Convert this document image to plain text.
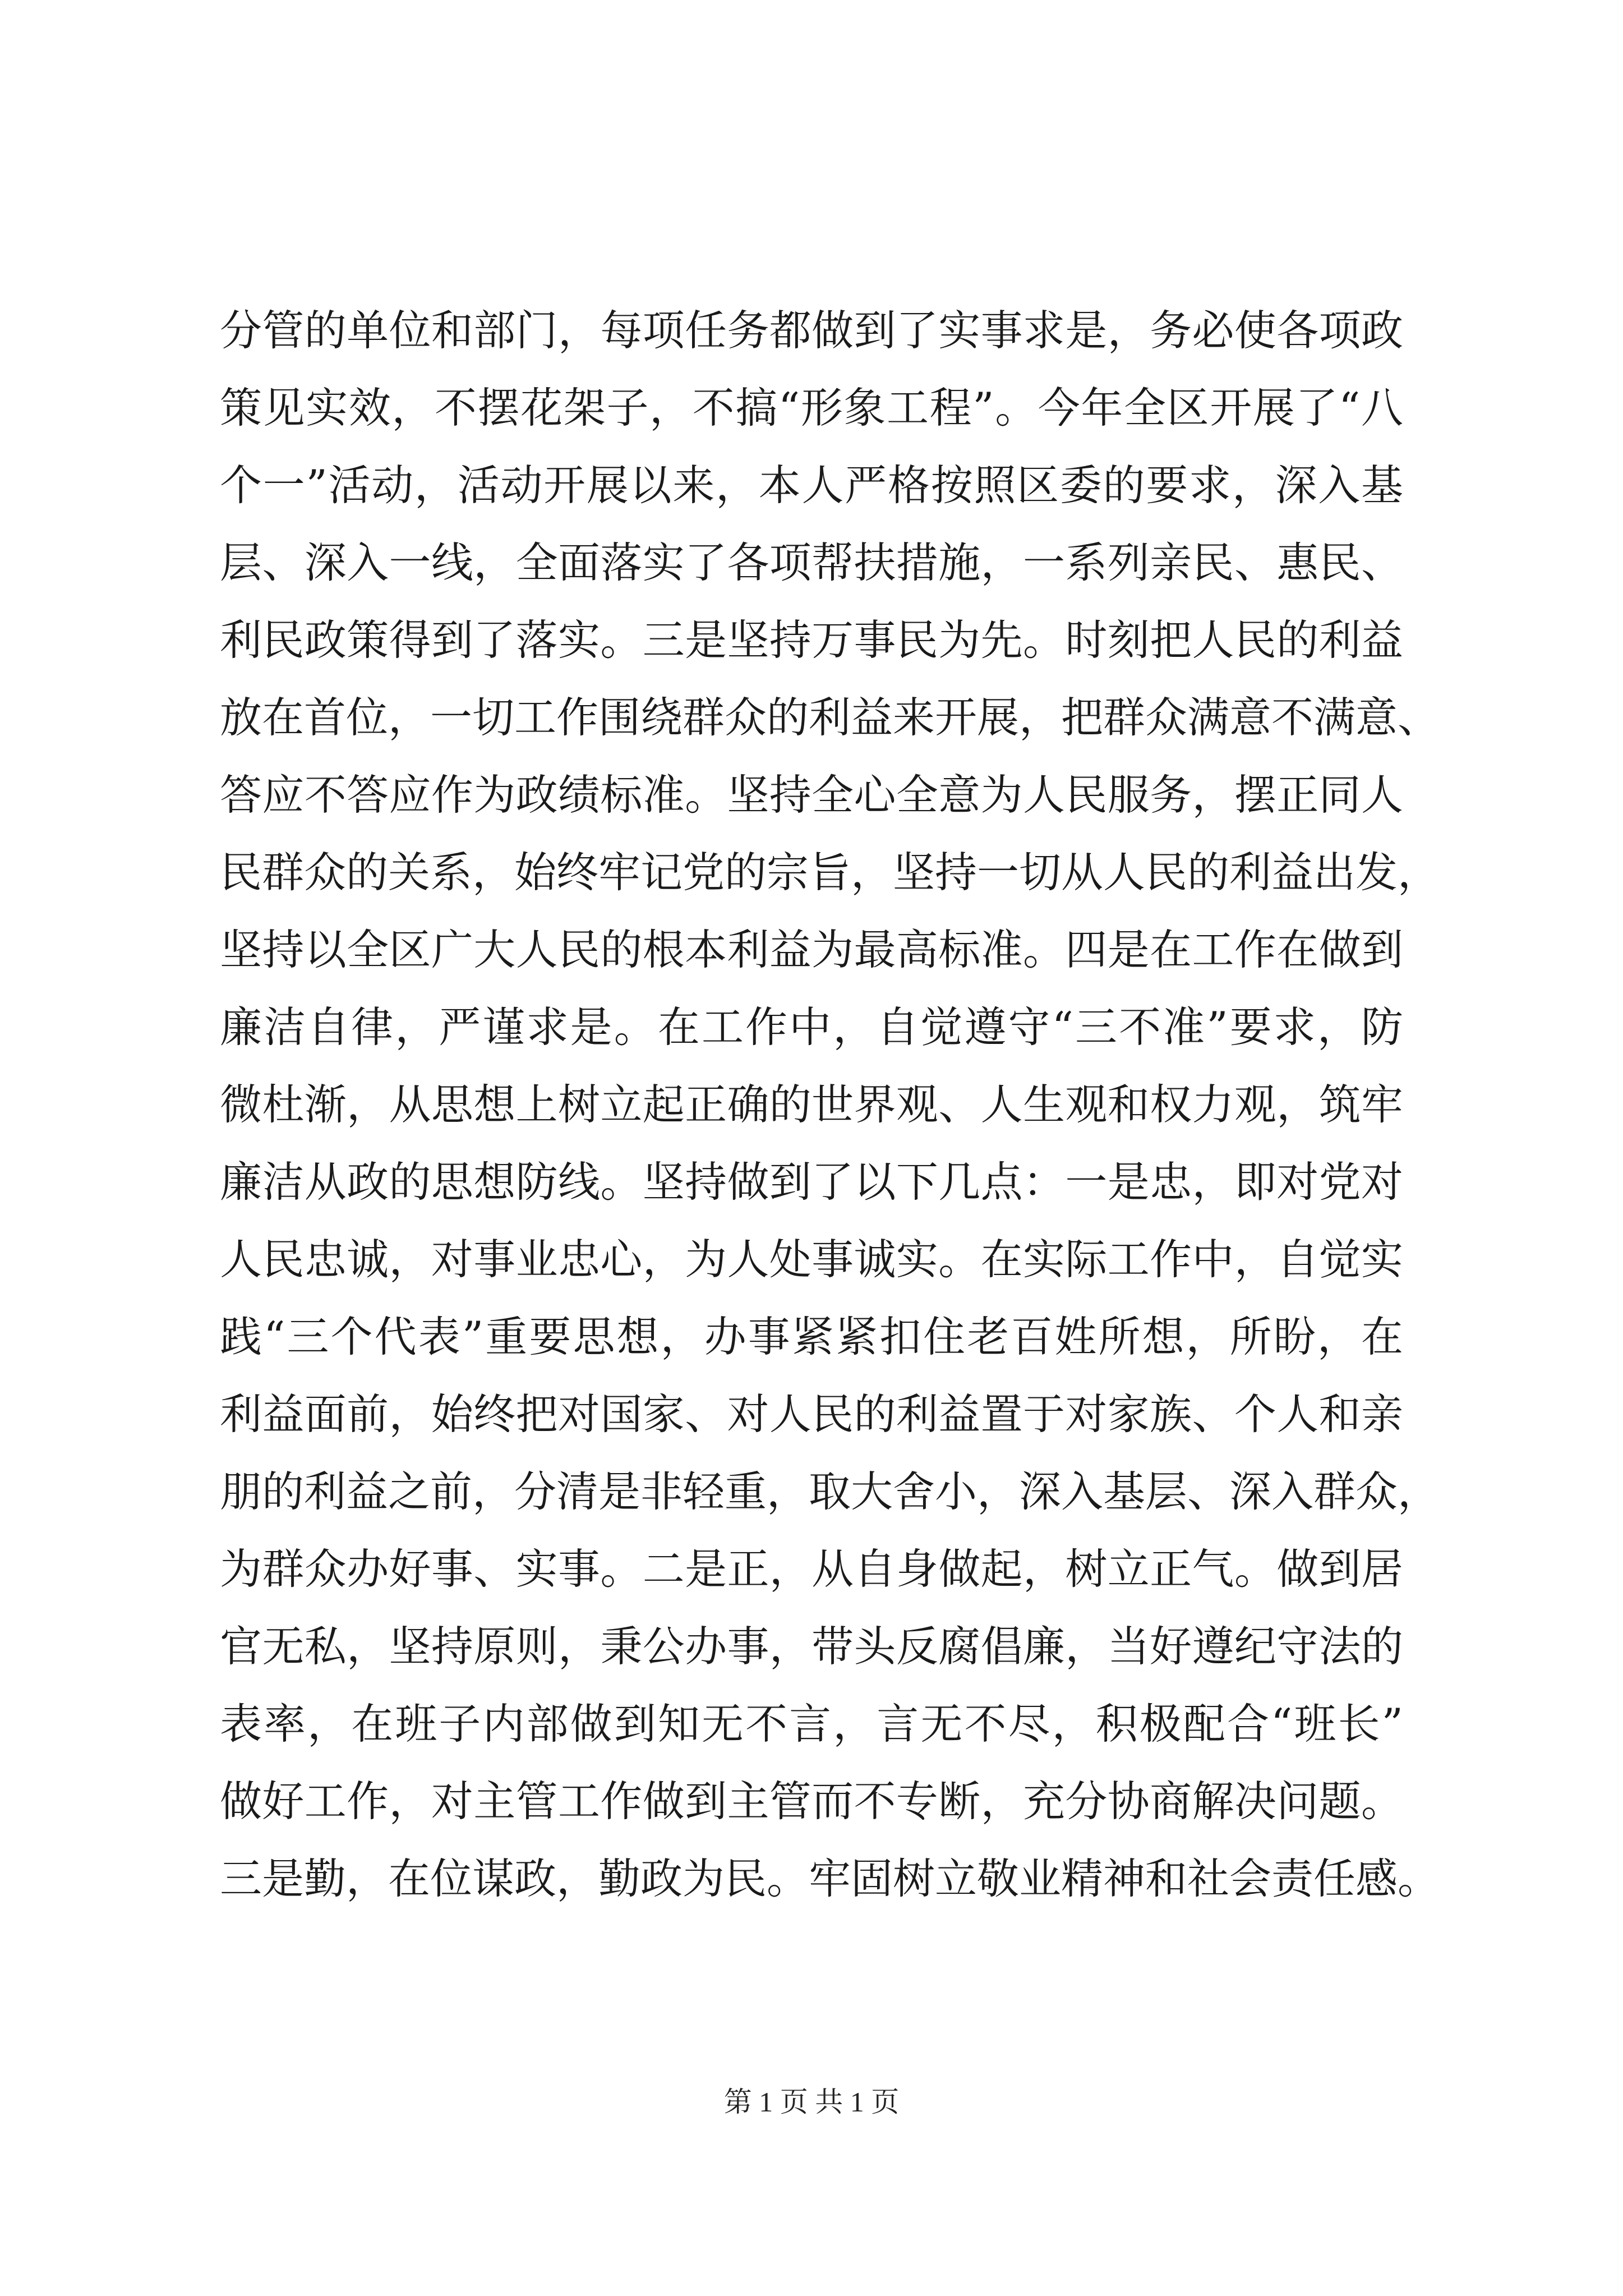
分管的单位和部门，每项任务都做到了实事求是，务必使各项政
策见实效，不摆花架子，不搞“形象工程”。今年全区开展了“八
个一”活动，活动开展以来，本人严格按照区委的要求，深入基
层、深入一线，全面落实了各项帮扶措施，一系列亲民、惠民、
利民政策得到了落实。三是坚持万事民为先。时刻把人民的利益
放在首位，一切工作围绕群众的利益来开展，把群众满意不满意、
答应不答应作为政绩标准。坚持全心全意为人民服务，摆正同人
民群众的关系，始终牢记党的宗旨，坚持一切从人民的利益出发，
坚持以全区广大人民的根本利益为最高标准。四是在工作在做到
廉洁自律，严谨求是。在工作中，自觉遵守“三不准”要求，防
微杜渐，从思想上树立起正确的世界观、人生观和权力观，筑牢
廉洁从政的思想防线。坚持做到了以下几点：一是忠，即对党对
人民忠诚，对事业忠心，为人处事诚实。在实际工作中，自觉实
践“三个代表”重要思想，办事紧紧扣住老百姓所想，所盼，在
利益面前，始终把对国家、对人民的利益置于对家族、个人和亲
朋的利益之前，分清是非轻重，取大舍小，深入基层、深入群众，
为群众办好事、实事。二是正，从自身做起，树立正气。做到居
官无私，坚持原则，秉公办事，带头反腐倡廉，当好遵纪守法的
表率，在班子内部做到知无不言，言无不尽，积极配合“班长”
做好工作，对主管工作做到主管而不专断，充分协商解决问题。
三是勤，在位谋政，勤政为民。牢固树立敬业精神和社会责任感。
第 1 页 共 1 页
